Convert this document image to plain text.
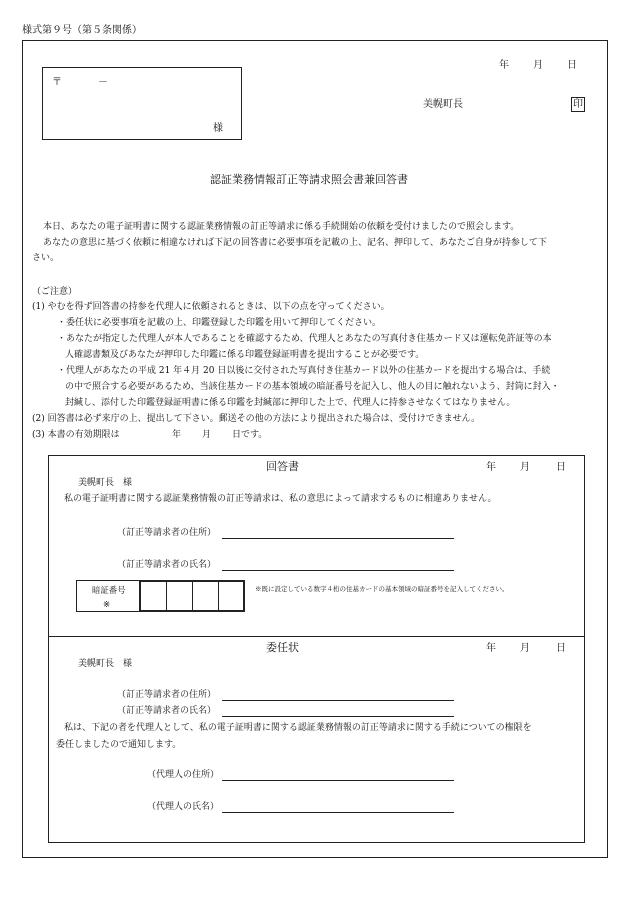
様式第９号（第５条関係）
年 月 日
〒	－
様
美幌町長	印
認証業務情報訂正等請求照会書兼回答書
本日、あなたの電子証明書に関する認証業務情報の訂正等請求に係る手続開始の依頼を受付けましたので照会します。
あなたの意思に基づく依頼に相違なければ下記の回答書に必要事項を記載の上、記名、押印して、あなたご自身が持参して下
さい。
（ご注意）
(1) やむを得ず回答書の持参を代理人に依頼されるときは、以下の点を守ってください。
・委任状に必要事項を記載の上、印鑑登録した印鑑を用いて押印してください。
・あなたが指定した代理人が本人であることを確認するため、代理人とあなたの写真付き住基カード又は運転免許証等の本
人確認書類及びあなたが押印した印鑑に係る印鑑登録証明書を提出することが必要です。
・代理人があなたの平成 21 年４月 20 日以後に交付された写真付き住基カード以外の住基カードを提出する場合は、手続
の中で照合する必要があるため、当該住基カードの基本領域の暗証番号を記入し、他人の目に触れないよう、封筒に封入・
封緘し、添付した印鑑登録証明書に係る印鑑を封緘部に押印した上で、代理人に持参させなくてはなりません。
(2) 回答書は必ず来庁の上、提出して下さい。郵送その他の方法により提出された場合は、受付けできません。
(3) 本書の有効期限は	年 月 日です。
回答書	年 月	日
美幌町長　様
私の電子証明書に関する認証業務情報の訂正等請求は、私の意思によって請求するものに相違ありません。
（訂正等請求者の住所）
（訂正等請求者の氏名）
暗証番号
※
※既に設定している数字４桁の住基カードの基本領域の暗証番号を記入してください。
委任状	年 月	日
美幌町長　様
（訂正等請求者の住所）
（訂正等請求者の氏名）
私は、下記の者を代理人として、私の電子証明書に関する認証業務情報の訂正等請求に関する手続についての権限を
委任しましたので通知します。
（代理人の住所）
（代理人の氏名）
